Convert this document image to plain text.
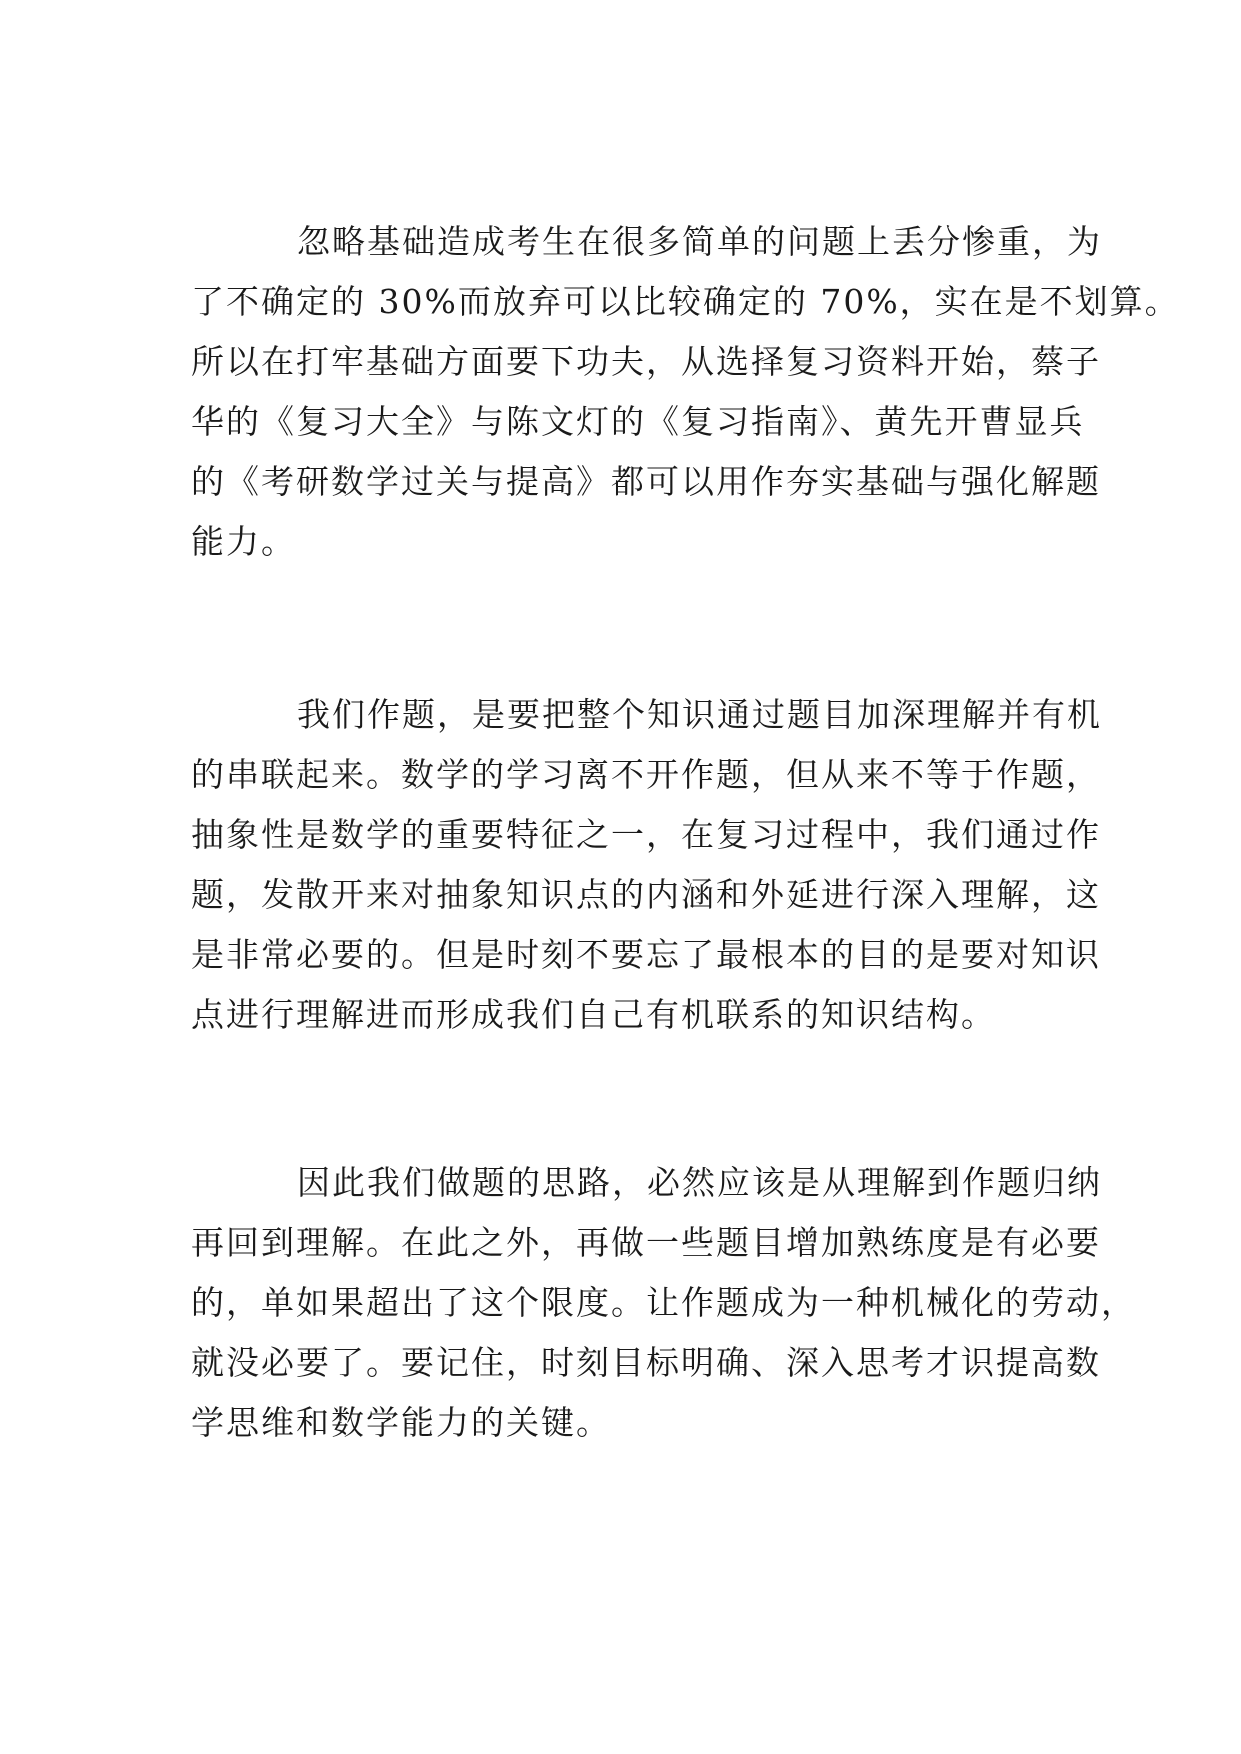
忽略基础造成考生在很多简单的问题上丢分惨重，为
了不确定的 30%而放弃可以比较确定的 70%，实在是不划算。
所以在打牢基础方面要下功夫，从选择复习资料开始，蔡子
华的《复习大全》与陈文灯的《复习指南》、黄先开曹显兵
的《考研数学过关与提高》都可以用作夯实基础与强化解题
能力。
我们作题，是要把整个知识通过题目加深理解并有机
的串联起来。数学的学习离不开作题，但从来不等于作题，
抽象性是数学的重要特征之一，在复习过程中，我们通过作
题，发散开来对抽象知识点的内涵和外延进行深入理解，这
是非常必要的。但是时刻不要忘了最根本的目的是要对知识
点进行理解进而形成我们自己有机联系的知识结构。
因此我们做题的思路，必然应该是从理解到作题归纳
再回到理解。在此之外，再做一些题目增加熟练度是有必要
的，单如果超出了这个限度。让作题成为一种机械化的劳动，
就没必要了。要记住，时刻目标明确、深入思考才识提高数
学思维和数学能力的关键。
